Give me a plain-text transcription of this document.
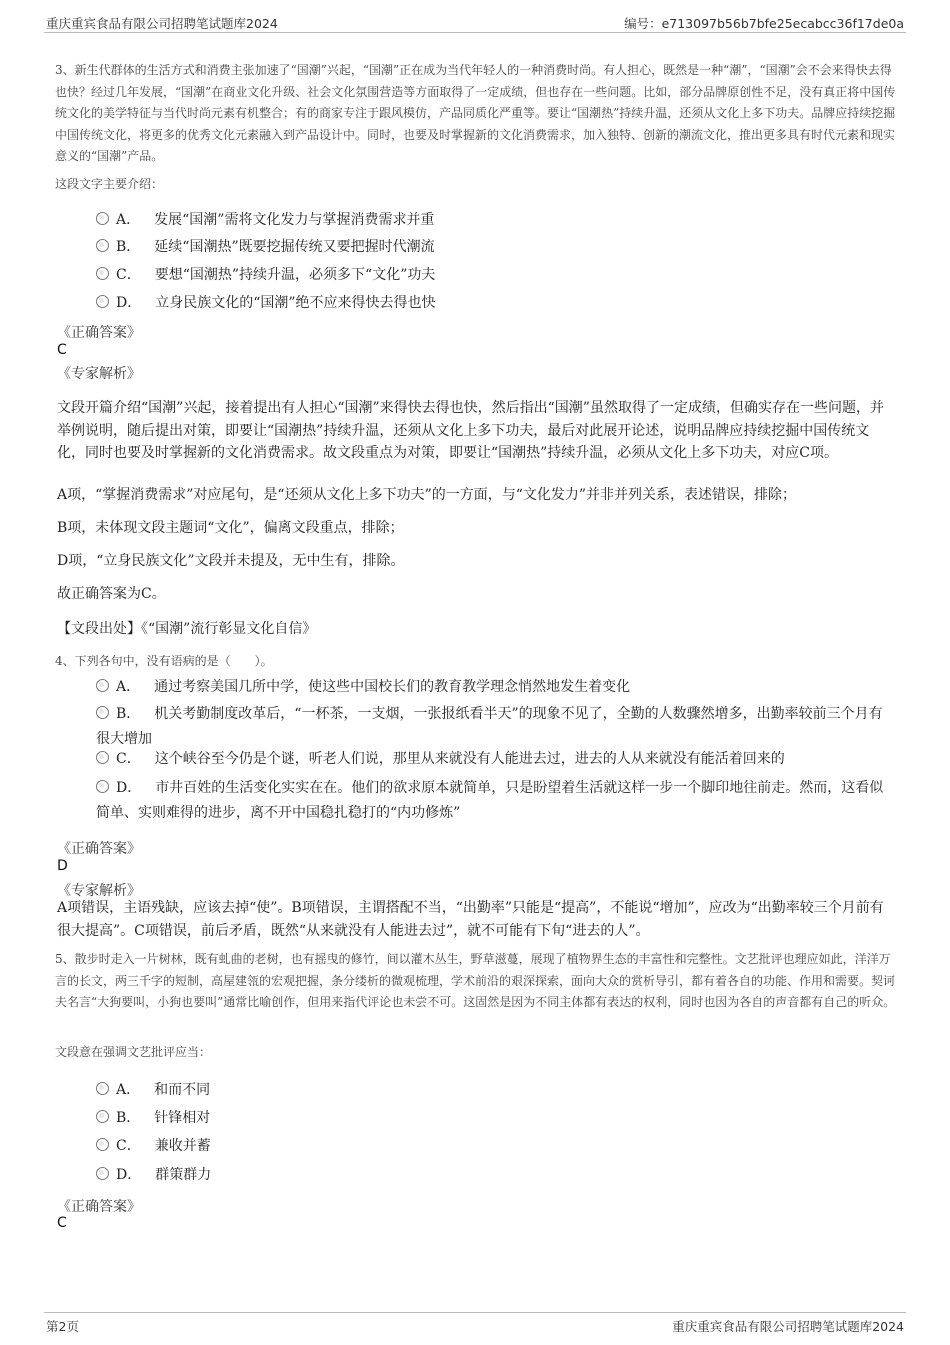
重庆重宾食品有限公司招聘笔试题库2024	编号：e713097b56b7bfe25ecabcc36f17de0a
3、新生代群体的生活方式和消费主张加速了“国潮”兴起，“国潮”正在成为当代年轻人的一种消费时尚。有人担心，既然是一种“潮”，“国潮”会不会来得快去得也快？经过几年发展，“国潮”在商业文化升级、社会文化氛围营造等方面取得了一定成绩，但也存在一些问题。比如，部分品牌原创性不足，没有真正将中国传统文化的美学特征与当代时尚元素有机整合；有的商家专注于跟风模仿，产品同质化严重等。要让“国潮热”持续升温，还须从文化上多下功夫。品牌应持续挖掘中国传统文化，将更多的优秀文化元素融入到产品设计中。同时，也要及时掌握新的文化消费需求，加入独特、创新的潮流文化，推出更多具有时代元素和现实意义的“国潮”产品。
这段文字主要介绍：
A． 发展“国潮”需将文化发力与掌握消费需求并重
B． 延续“国潮热”既要挖掘传统又要把握时代潮流
C． 要想“国潮热”持续升温，必须多下“文化”功夫
D． 立身民族文化的“国潮”绝不应来得快去得也快
《正确答案》
C
《专家解析》
文段开篇介绍“国潮”兴起，接着提出有人担心“国潮”来得快去得也快，然后指出“国潮”虽然取得了一定成绩，但确实存在一些问题，并举例说明，随后提出对策，即要让“国潮热”持续升温，还须从文化上多下功夫，最后对此展开论述，说明品牌应持续挖掘中国传统文化，同时也要及时掌握新的文化消费需求。故文段重点为对策，即要让“国潮热”持续升温，必须从文化上多下功夫，对应C项。
A项，“掌握消费需求”对应尾句，是“还须从文化上多下功夫”的一方面，与“文化发力”并非并列关系，表述错误，排除；
B项，未体现文段主题词“文化”，偏离文段重点，排除；
D项，“立身民族文化”文段并未提及，无中生有，排除。
故正确答案为C。
【文段出处】《“国潮”流行彰显文化自信》
4、下列各句中，没有语病的是（　　）。
A． 通过考察美国几所中学，使这些中国校长们的教育教学理念悄然地发生着变化
B． 机关考勤制度改革后，“一杯茶，一支烟，一张报纸看半天”的现象不见了，全勤的人数骤然增多，出勤率较前三个月有很大增加
C． 这个峡谷至今仍是个谜，听老人们说，那里从来就没有人能进去过，进去的人从来就没有能活着回来的
D． 市井百姓的生活变化实实在在。他们的欲求原本就简单，只是盼望着生活就这样一步一个脚印地往前走。然而，这看似简单、实则难得的进步，离不开中国稳扎稳打的“内功修炼”
《正确答案》
D
《专家解析》
A项错误，主语残缺，应该去掉“使”。B项错误，主谓搭配不当，“出勤率”只能是“提高”，不能说“增加”，应改为“出勤率较三个月前有很大提高”。C项错误，前后矛盾，既然“从来就没有人能进去过”，就不可能有下旬“进去的人”。
5、散步时走入一片树林，既有虬曲的老树，也有摇曳的修竹，间以灌木丛生，野草滋蔓，展现了植物界生态的丰富性和完整性。文艺批评也理应如此，洋洋万言的长文，两三千字的短制，高屋建瓴的宏观把握，条分缕析的微观梳理，学术前沿的艰深探索，面向大众的赏析导引，都有着各自的功能、作用和需要。契诃夫名言“大狗要叫，小狗也要叫”通常比喻创作，但用来指代评论也未尝不可。这固然是因为不同主体都有表达的权利，同时也因为各自的声音都有自己的听众。
文段意在强调文艺批评应当：
A． 和而不同
B． 针锋相对
C． 兼收并蓄
D． 群策群力
《正确答案》
C
第2页	重庆重宾食品有限公司招聘笔试题库2024
